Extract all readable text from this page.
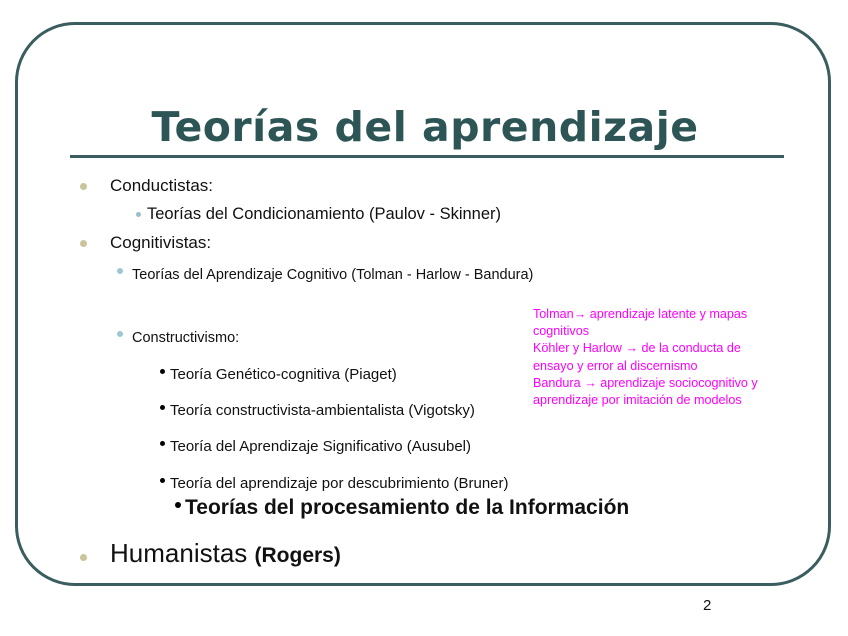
Teorías del aprendizaje

Conductistas:

Teorías del Condicionamiento (Paulov - Skinner)

Cognitivistas:

Teorías del Aprendizaje Cognitivo (Tolman - Harlow - Bandura)

Constructivismo:

Teoría Genético-cognitiva (Piaget)

Teoría constructivista-ambientalista (Vigotsky)

Teoría del Aprendizaje Significativo (Ausubel)

Teoría del aprendizaje por descubrimiento (Bruner)

Teorías del procesamiento de la Información

Humanistas (Rogers)

Tolman→ aprendizaje latente y mapas
cognitivos
Köhler y Harlow → de la conducta de
ensayo y error al discernismo
Bandura → aprendizaje sociocognitivo y
aprendizaje por imitación de modelos
2
